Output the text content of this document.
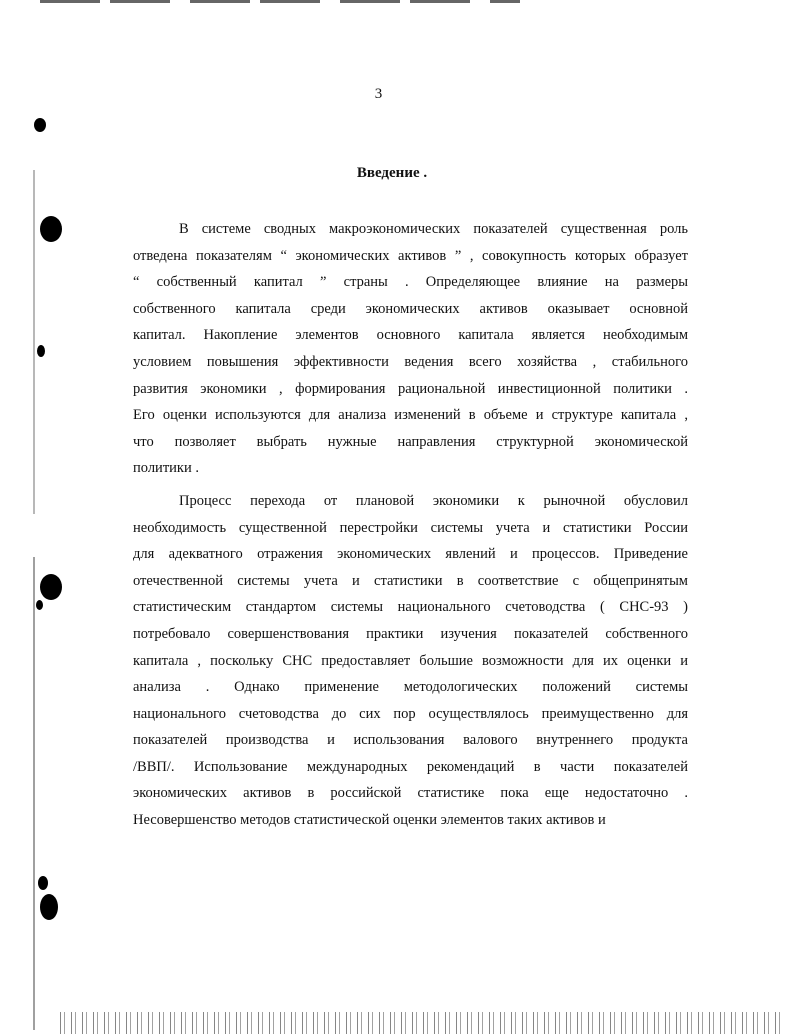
3
Введение .

В системе сводных макроэкономических показателей существенная роль
отведена показателям “ экономических активов ” , совокупность которых образует
“ собственный капитал ” страны . Определяющее влияние на размеры
собственного капитала среди экономических активов оказывает основной
капитал. Накопление элементов основного капитала является необходимым
условием повышения эффективности ведения всего хозяйства , стабильного
развития экономики , формирования рациональной инвестиционной политики .
Его оценки используются для анализа изменений в объеме и структуре капитала ,
что позволяет выбрать нужные направления структурной экономической
политики .

Процесс перехода от плановой экономики к рыночной обусловил
необходимость существенной перестройки системы учета и статистики России
для адекватного отражения экономических явлений и процессов. Приведение
отечественной системы учета и статистики в соответствие с общепринятым
статистическим стандартом системы национального счетоводства ( СНС-93 )
потребовало совершенствования практики изучения показателей собственного
капитала , поскольку СНС предоставляет большие возможности для их оценки и
анализа . Однако применение методологических положений системы
национального счетоводства до сих пор осуществлялось преимущественно для
показателей производства и использования валового внутреннего продукта
/ВВП/. Использование международных рекомендаций в части показателей
экономических активов в российской статистике пока еще недостаточно .
Несовершенство методов статистической оценки элементов таких активов и
